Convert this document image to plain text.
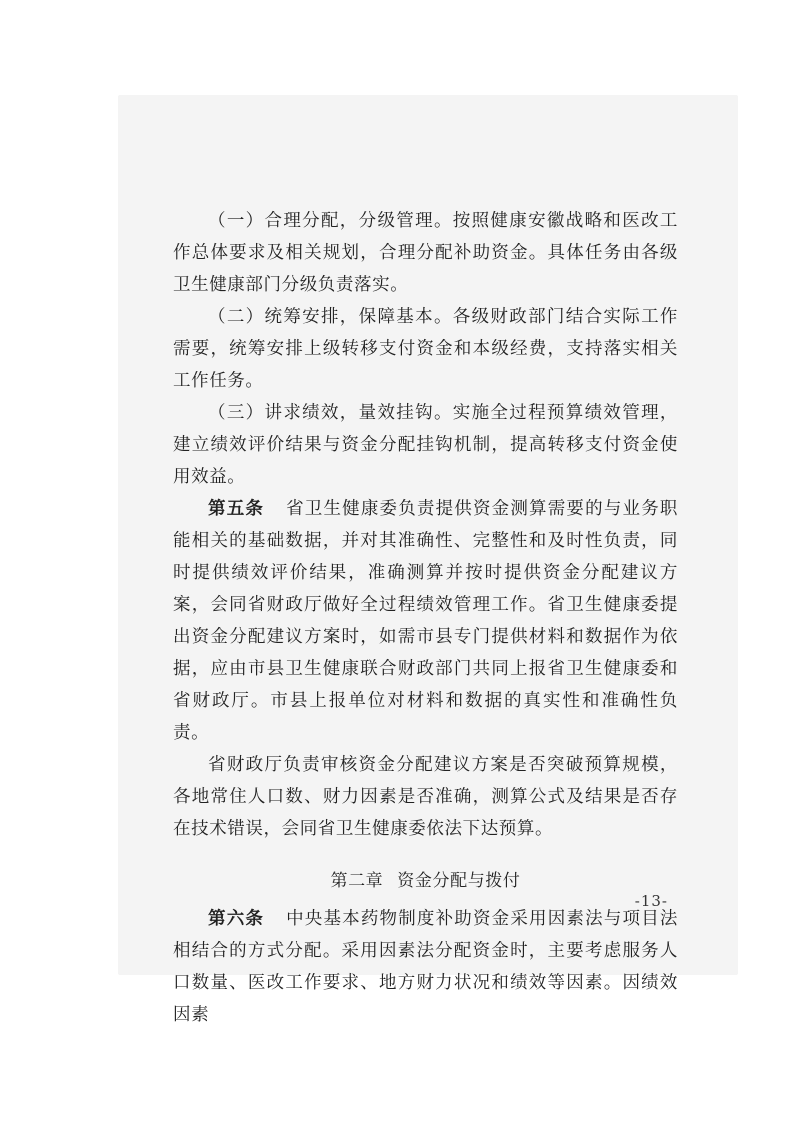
（一）合理分配，分级管理。按照健康安徽战略和医改工作总体要求及相关规划，合理分配补助资金。具体任务由各级卫生健康部门分级负责落实。

（二）统筹安排，保障基本。各级财政部门结合实际工作需要，统筹安排上级转移支付资金和本级经费，支持落实相关工作任务。

（三）讲求绩效，量效挂钩。实施全过程预算绩效管理，建立绩效评价结果与资金分配挂钩机制，提高转移支付资金使用效益。

第五条 省卫生健康委负责提供资金测算需要的与业务职能相关的基础数据，并对其准确性、完整性和及时性负责，同时提供绩效评价结果，准确测算并按时提供资金分配建议方案，会同省财政厅做好全过程绩效管理工作。省卫生健康委提出资金分配建议方案时，如需市县专门提供材料和数据作为依据，应由市县卫生健康联合财政部门共同上报省卫生健康委和省财政厅。市县上报单位对材料和数据的真实性和准确性负责。

省财政厅负责审核资金分配建议方案是否突破预算规模，各地常住人口数、财力因素是否准确，测算公式及结果是否存在技术错误，会同省卫生健康委依法下达预算。

第二章 资金分配与拨付

第六条 中央基本药物制度补助资金采用因素法与项目法相结合的方式分配。采用因素法分配资金时，主要考虑服务人口数量、医改工作要求、地方财力状况和绩效等因素。因绩效因素

-13-
